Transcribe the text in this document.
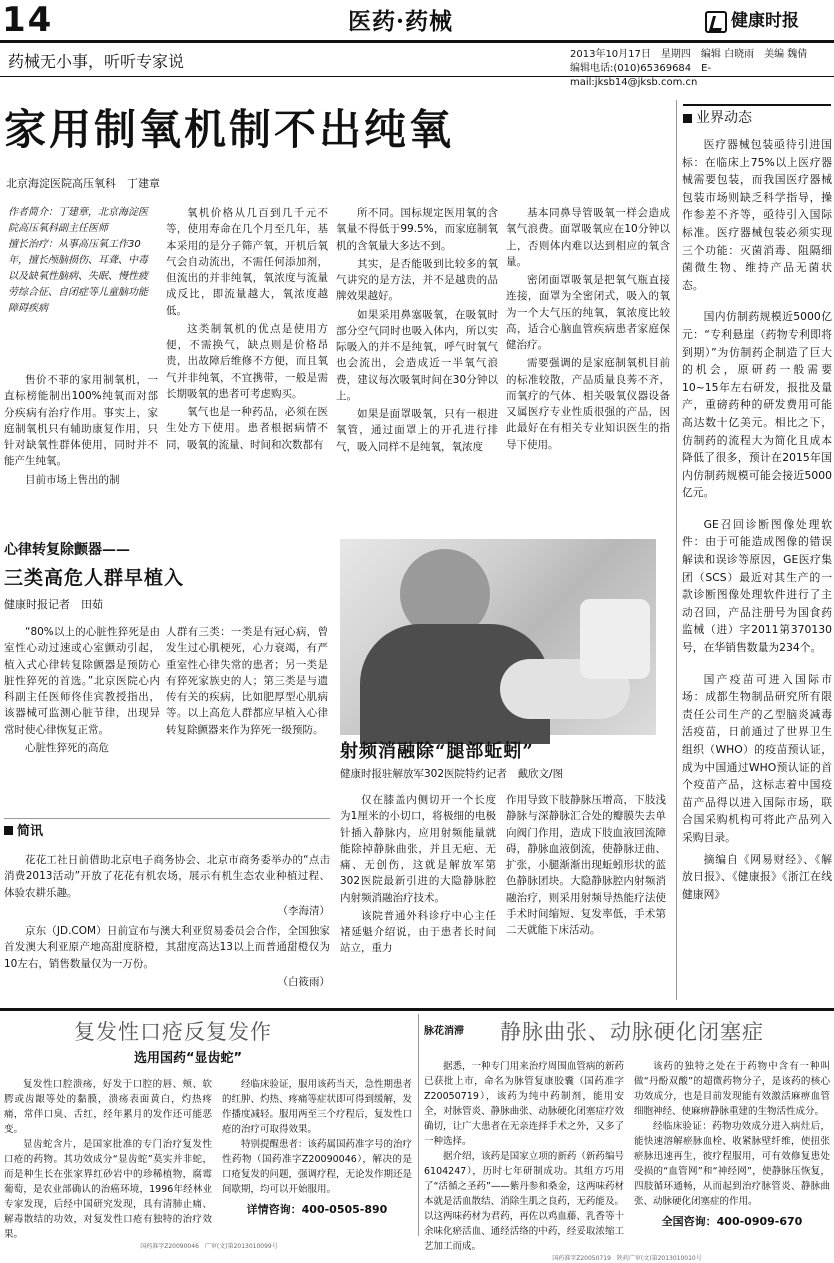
14	医药·药械	健康时报
药械无小事，听听专家说	2013年10月17日　星期四　编辑 白晓雨　美编 魏倩
编辑电话:(010)65369684　E-mail:jksb14@jksb.com.cn
家用制氧机制不出纯氧
北京海淀医院高压氧科　丁建章

作者简介：丁建章，北京海淀医院高压氧科副主任医师

擅长治疗：从事高压氧工作30年，擅长颅脑损伤、耳聋、中毒以及缺氧性脑病、失眠、慢性疲劳综合征、自闭症等儿童脑功能障碍疾病

售价不菲的家用制氧机，一直标榜能制出100%纯氧而对部分疾病有治疗作用。事实上，家庭制氧机只有辅助康复作用，只针对缺氧性群体使用，同时并不能产生纯氧。

目前市场上售出的制

氧机价格从几百到几千元不等，使用寿命在几个月至几年，基本采用的是分子筛产氧，开机后氧气会自动流出，不需任何添加剂，但流出的并非纯氧，氧浓度与流量成反比，即流量越大，氧浓度越低。

这类制氧机的优点是使用方便，不需换气，缺点则是价格昂贵，出故障后维修不方便，而且氧气并非纯氧，不宜携带，一般是需长期吸氧的患者可考虑购买。

氧气也是一种药品，必须在医生处方下使用。患者根据病情不同，吸氧的流量、时间和次数都有

所不同。国标规定医用氧的含氧量不得低于99.5%，而家庭制氧机的含氧量大多达不到。

其实，是否能吸到比较多的氧气讲究的是方法，并不是越贵的品牌效果越好。

如果采用鼻塞吸氧，在吸氧时部分空气同时也吸入体内，所以实际吸入的并不是纯氧，呼气时氧气也会流出，会造成近一半氧气浪费，建议每次吸氧时间在30分钟以上。

如果是面罩吸氧，只有一根进氧管，通过面罩上的开孔进行排气，吸入同样不是纯氧，氧浓度

基本同鼻导管吸氧一样会造成氧气浪费。面罩吸氧应在10分钟以上，否则体内难以达到相应的氧含量。

密闭面罩吸氧是把氧气瓶直接连接，面罩为全密闭式，吸入的氧为一个大气压的纯氧，氧浓度比较高，适合心脑血管疾病患者家庭保健治疗。

需要强调的是家庭制氧机目前的标准较散，产品质量良莠不齐，而氧疗的气体、相关吸氧仪器设备又属医疗专业性质很强的产品，因此最好在有相关专业知识医生的指导下使用。

业界动态

医疗器械包装亟待引进国标：在临床上75%以上医疗器械需要包装，而我国医疗器械包装市场则缺乏科学指导，操作参差不齐等，亟待引入国际标准。医疗器械包装必须实现三个功能：灭菌消毒、阻隔细菌微生物、维持产品无菌状态。

国内仿制药规模近5000亿元：“专利悬崖（药物专利即将到期）”为仿制药企制造了巨大的机会，原研药一般需要10~15年左右研发，报批及量产，重磅药种的研发费用可能高达数十亿美元。相比之下，仿制药的流程大为简化且成本降低了很多，预计在2015年国内仿制药规模可能会接近5000亿元。

GE召回诊断图像处理软件：由于可能造成图像的错误解读和误诊等原因，GE医疗集团（SCS）最近对其生产的一款诊断图像处理软件进行了主动召回，产品注册号为国食药监械（进）字2011第370130号，在华销售数量为234个。

国产疫苗可进入国际市场：成都生物制品研究所有限责任公司生产的乙型脑炎减毒活疫苗，日前通过了世界卫生组织（WHO）的疫苗预认证，成为中国通过WHO预认证的首个疫苗产品，这标志着中国疫苗产品得以进入国际市场，联合国采购机构可将此产品列入采购目录。

摘编自《网易财经》、《解放日报》、《健康报》《浙江在线健康网》

心律转复除颤器——
三类高危人群早植入
健康时报记者　田茹

“80%以上的心脏性猝死是由室性心动过速或心室颤动引起，植入式心律转复除颤器是预防心脏性猝死的首选。”北京医院心内科副主任医师佟佳宾教授指出，该器械可监测心脏节律，出现异常时使心律恢复正常。

心脏性猝死的高危

人群有三类：一类是有冠心病，曾发生过心肌梗死，心力衰竭，有严重室性心律失常的患者；另一类是有猝死家族史的人；第三类是与遗传有关的疾病，比如肥厚型心肌病等。以上高危人群都应早植入心律转复除颤器来作为猝死一级预防。

射频消融除“腿部蚯蚓”
健康时报驻解放军302医院特约记者　戴欣文/图

仅在膝盖内侧切开一个长度为1厘米的小切口，将极细的电极针插入静脉内，应用射频能量就能除掉静脉曲张，并且无疤、无痛、无创伤，这就是解放军第302医院最新引进的大隐静脉腔内射频消融治疗技术。

该院普通外科诊疗中心主任褚延魁介绍说，由于患者长时间站立，重力

作用导致下肢静脉压增高，下肢浅静脉与深静脉汇合处的瓣膜失去单向阀门作用，造成下肢血液回流障碍，静脉血液倒流，使静脉迂曲、扩张，小腿渐渐出现蚯蚓形状的蓝色静脉团块。大隐静脉腔内射频消融治疗，则采用射频导热能疗法使手术时间缩短、复发率低，手术第二天就能下床活动。

简讯

花花工社日前借助北京电子商务协会、北京市商务委举办的“点击消费2013活动”开放了花花有机农场，展示有机生态农业种植过程、体验农耕乐趣。

（李海清）

京东（JD.COM）日前宣布与澳大利亚贸易委员会合作，全国独家首发澳大利亚原产地高甜度脐橙，其甜度高达13以上而普通甜橙仅为10左右，销售数量仅为一万份。

（白筱雨）
复发性口疮反复发作
选用国药“显齿蛇”

复发性口腔溃疡，好发于口腔的唇、颊、软腭或齿龈等处的黏膜，溃疡表面黄白，灼热疼痛，常伴口臭、舌红，经年累月的发作还可能恶变。

显齿蛇含片，是国家批准的专门治疗复发性口疮的药物。其功效成分“显齿蛇”莫实并非蛇，而是种生长在张家界红砂岩中的珍稀植物，腐霉葡萄，是农业部确认的治癌环境，1996年经林业专家发现，后经中国研究发现，具有清肺止痛、解毒散结的功效，对复发性口疮有独特的治疗效果。

经临床验证，服用该药当天，急性期患者的红肿、灼热、疼痛等症状即可得到缓解，发作播度减轻。服用两至三个疗程后，复发性口疮的治疗可取得效果。

特别提醒患者：该药属国药准字号的治疗性药物（国药准字Z20090046），解决的是口疮复发的问题，强调疗程，无论发作期还是间歇期，均可以开始服用。

详情咨询：400-0505-890
国药准字Z20090046　广审(文)第2013010099号
脉花消滞 静脉曲张、动脉硬化闭塞症

据悉，一种专门用来治疗周围血管病的新药已获批上市，命名为脉管复康胶囊（国药准字Z20050719），该药为纯中药制剂，能用安全，对脉管炎、静脉曲张、动脉硬化闭塞症疗效确切，让广大患者在无亲连择手术之外，又多了一种选择。

据介绍，该药是国家立项的新药（新药编号6104247），历时七年研制成功。其组方巧用了“活循之圣药”——紫丹参和桑金，这两味药材本就是活血散结、消除生肌之良药，无药能及。以这两味药材为君药，再佐以鸡血藤、乳香等十余味化瘀活血、通经活络的中药，经妥取浓缩工艺加工而成。

该药的独特之处在于药物中含有一种叫做“丹酚双酸”的超微药物分子，是该药的核心功效成分，也是目前发现能有效激活麻痹血管细胞神经、使麻痹静脉重建的生物活性成分。

经临床验证：药物功效成分进入病灶后，能快速溶解瘀脉血栓、收紧脉壁纤维，使扭张瘀脉迅速再生，彼疗程服用，可有效修复患处受损的“血管网”和“神经网”，使静脉压恢复，四肢循环通畅，从而起到治疗脉管炎、静脉曲张、动脉硬化闭塞症的作用。

全国咨询：400-0909-670
国药准字Z20050719　陕药广审(文)第2013010010号
